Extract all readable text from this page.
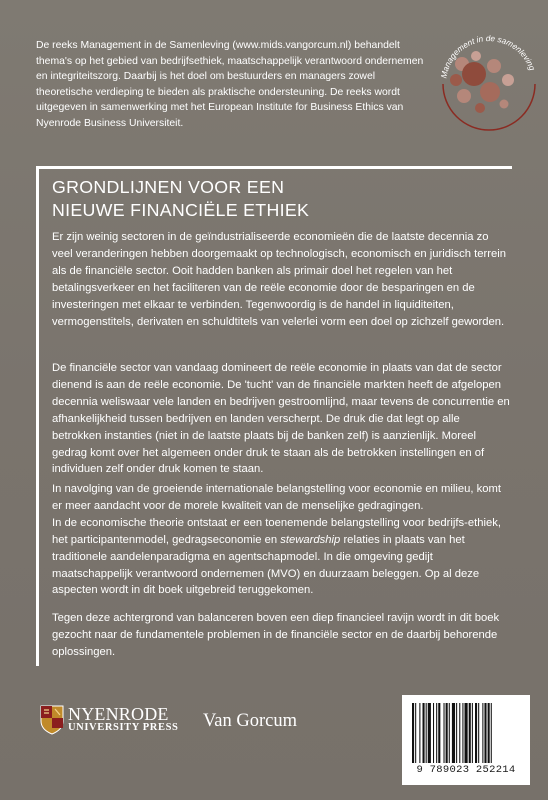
De reeks Management in de Samenleving (www.mids.vangorcum.nl) behandelt thema's op het gebied van bedrijfsethiek, maatschappelijk verantwoord ondernemen en integriteitszorg. Daarbij is het doel om bestuurders en managers zowel theoretische verdieping te bieden als praktische ondersteuning. De reeks wordt uitgegeven in samenwerking met het European Institute for Business Ethics van Nyenrode Business Universiteit.

Management in de samenleving
GRONDLIJNEN VOOR EEN
NIEUWE FINANCIËLE ETHIEK

Er zijn weinig sectoren in de geïndustrialiseerde economieën die de laatste decennia zo veel veranderingen hebben doorgemaakt op technologisch, economisch en juridisch terrein als de financiële sector. Ooit hadden banken als primair doel het regelen van het betalingsverkeer en het faciliteren van de reële economie door de besparingen en de investeringen met elkaar te verbinden. Tegenwoordig is de handel in liquiditeiten, vermogenstitels, derivaten en schuldtitels van velerlei vorm een doel op zichzelf geworden.

De financiële sector van vandaag domineert de reële economie in plaats van dat de sector dienend is aan de reële economie. De 'tucht' van de financiële markten heeft de afgelopen decennia weliswaar vele landen en bedrijven gestroomlijnd, maar tevens de concurrentie en afhankelijkheid tussen bedrijven en landen verscherpt. De druk die dat legt op alle betrokken instanties (niet in de laatste plaats bij de banken zelf) is aanzienlijk. Moreel gedrag komt over het algemeen onder druk te staan als de betrokken instellingen en of individuen zelf onder druk komen te staan.

In navolging van de groeiende internationale belangstelling voor economie en milieu, komt er meer aandacht voor de morele kwaliteit van de menselijke gedragingen.
In de economische theorie ontstaat er een toenemende belangstelling voor bedrijfs-ethiek, het participantenmodel, gedragseconomie en stewardship relaties in plaats van het traditionele aandelenparadigma en agentschapmodel. In die omgeving gedijt maatschappelijk verantwoord ondernemen (MVO) en duurzaam beleggen. Op al deze aspecten wordt in dit boek uitgebreid teruggekomen.

Tegen deze achtergrond van balanceren boven een diep financieel ravijn wordt in dit boek gezocht naar de fundamentele problemen in de financiële sector en de daarbij behorende oplossingen.

NYENRODE
UNIVERSITY PRESS Van Gorcum
9 789023 252214
